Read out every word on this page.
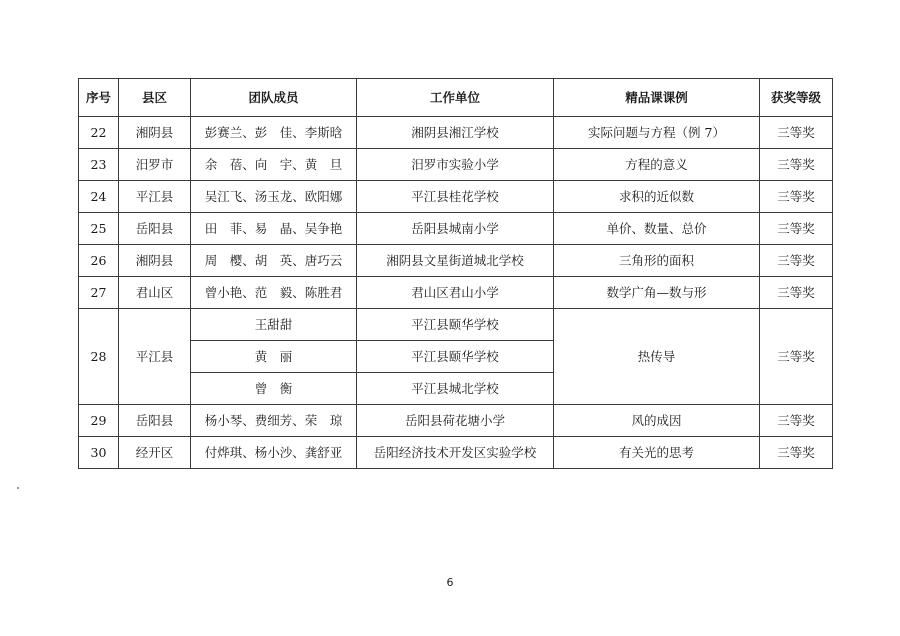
序号	县区	团队成员	工作单位	精品课课例	获奖等级
22	湘阴县	彭赛兰、彭　佳、李斯晗	湘阴县湘江学校	实际问题与方程（例 7）	三等奖
23	汨罗市	余　蓓、向　宇、黄　旦	汨罗市实验小学	方程的意义	三等奖
24	平江县	吴江飞、汤玉龙、欧阳娜	平江县桂花学校	求积的近似数	三等奖
25	岳阳县	田　菲、易　晶、吴争艳	岳阳县城南小学	单价、数量、总价	三等奖
26	湘阴县	周　樱、胡　英、唐巧云	湘阴县文星街道城北学校	三角形的面积	三等奖
27	君山区	曾小艳、范　毅、陈胜君	君山区君山小学	数学广角—数与形	三等奖
28	平江县	王甜甜	平江县颐华学校	热传导	三等奖
		黄　丽	平江县颐华学校		
		曾　衡	平江县城北学校		
29	岳阳县	杨小琴、费细芳、荣　琼	岳阳县荷花塘小学	风的成因	三等奖
30	经开区	付烨琪、杨小沙、龚舒亚	岳阳经济技术开发区实验学校	有关光的思考	三等奖
6
